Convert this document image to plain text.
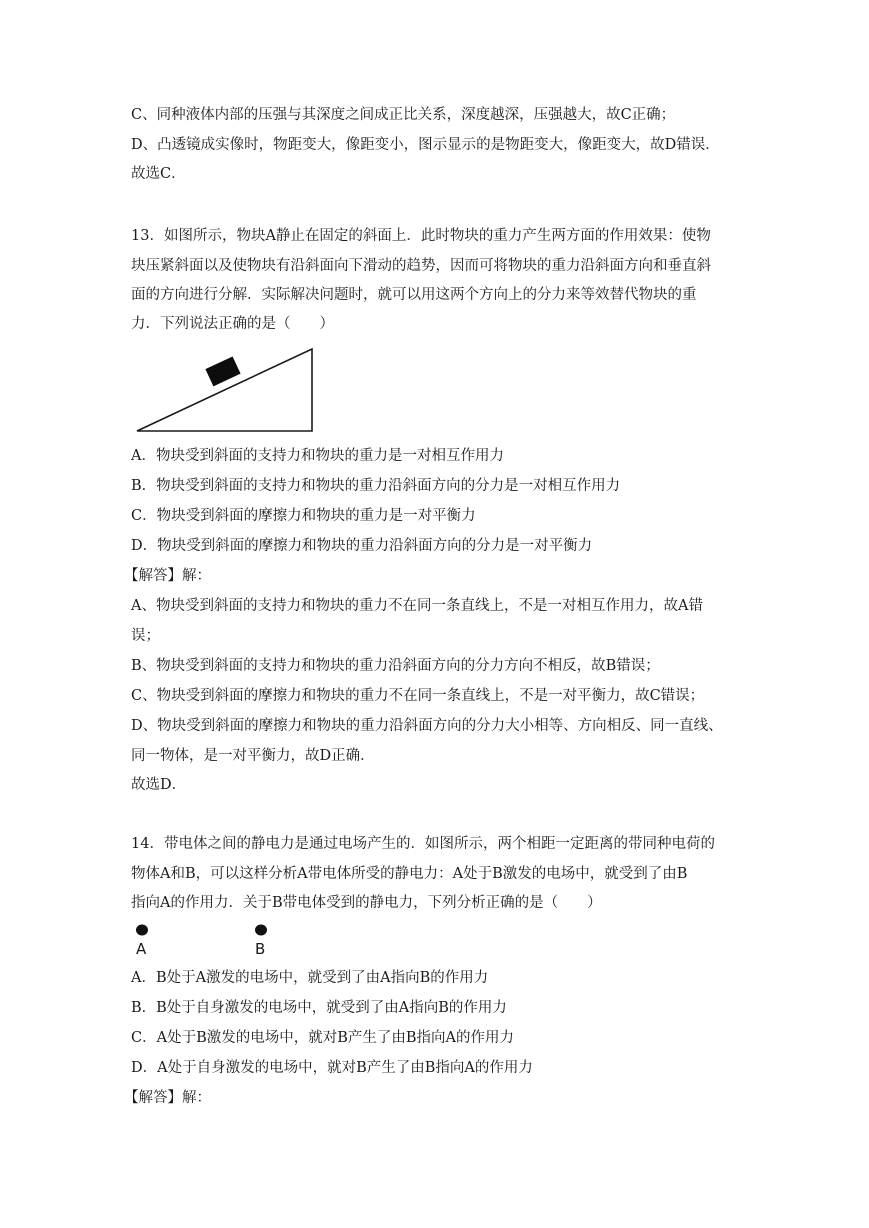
C、同种液体内部的压强与其深度之间成正比关系，深度越深，压强越大，故C正确；
D、凸透镜成实像时，物距变大，像距变小，图示显示的是物距变大，像距变大，故D错误．
故选C．
13．如图所示，物块A静止在固定的斜面上．此时物块的重力产生两方面的作用效果：使物
块压紧斜面以及使物块有沿斜面向下滑动的趋势，因而可将物块的重力沿斜面方向和垂直斜
面的方向进行分解．实际解决问题时，就可以用这两个方向上的分力来等效替代物块的重
力．下列说法正确的是（　　）
A．物块受到斜面的支持力和物块的重力是一对相互作用力
B．物块受到斜面的支持力和物块的重力沿斜面方向的分力是一对相互作用力
C．物块受到斜面的摩擦力和物块的重力是一对平衡力
D．物块受到斜面的摩擦力和物块的重力沿斜面方向的分力是一对平衡力
【解答】解：
A、物块受到斜面的支持力和物块的重力不在同一条直线上，不是一对相互作用力，故A错
误；
B、物块受到斜面的支持力和物块的重力沿斜面方向的分力方向不相反，故B错误；
C、物块受到斜面的摩擦力和物块的重力不在同一条直线上，不是一对平衡力，故C错误；
D、物块受到斜面的摩擦力和物块的重力沿斜面方向的分力大小相等、方向相反、同一直线、
同一物体，是一对平衡力，故D正确．
故选D．
14．带电体之间的静电力是通过电场产生的．如图所示，两个相距一定距离的带同种电荷的
物体A和B，可以这样分析A带电体所受的静电力：A处于B激发的电场中，就受到了由B
指向A的作用力．关于B带电体受到的静电力，下列分析正确的是（　　）
A	B
A．B处于A激发的电场中，就受到了由A指向B的作用力
B．B处于自身激发的电场中，就受到了由A指向B的作用力
C．A处于B激发的电场中，就对B产生了由B指向A的作用力
D．A处于自身激发的电场中，就对B产生了由B指向A的作用力
【解答】解：
